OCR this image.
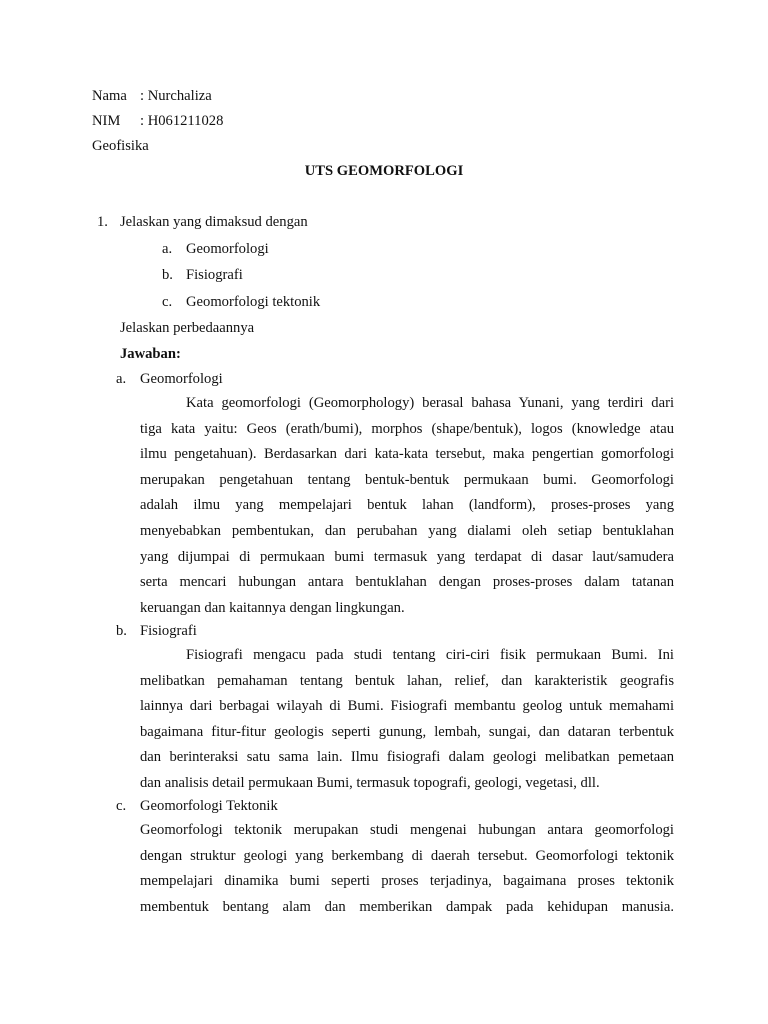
Nama : Nurchaliza
NIM : H061211028
Geofisika
UTS GEOMORFOLOGI
1. Jelaskan yang dimaksud dengan
a. Geomorfologi
b. Fisiografi
c. Geomorfologi tektonik
Jelaskan perbedaannya
Jawaban:
a. Geomorfologi
Kata geomorfologi (Geomorphology) berasal bahasa Yunani, yang terdiri dari
tiga kata yaitu: Geos (erath/bumi), morphos (shape/bentuk), logos (knowledge atau
ilmu pengetahuan). Berdasarkan dari kata-kata tersebut, maka pengertian gomorfologi
merupakan pengetahuan tentang bentuk-bentuk permukaan bumi. Geomorfologi
adalah ilmu yang mempelajari bentuk lahan (landform), proses-proses yang
menyebabkan pembentukan, dan perubahan yang dialami oleh setiap bentuklahan
yang dijumpai di permukaan bumi termasuk yang terdapat di dasar laut/samudera
serta mencari hubungan antara bentuklahan dengan proses-proses dalam tatanan
keruangan dan kaitannya dengan lingkungan.
b. Fisiografi
Fisiografi mengacu pada studi tentang ciri-ciri fisik permukaan Bumi. Ini
melibatkan pemahaman tentang bentuk lahan, relief, dan karakteristik geografis
lainnya dari berbagai wilayah di Bumi. Fisiografi membantu geolog untuk memahami
bagaimana fitur-fitur geologis seperti gunung, lembah, sungai, dan dataran terbentuk
dan berinteraksi satu sama lain. Ilmu fisiografi dalam geologi melibatkan pemetaan
dan analisis detail permukaan Bumi, termasuk topografi, geologi, vegetasi, dll.
c. Geomorfologi Tektonik
Geomorfologi tektonik merupakan studi mengenai hubungan antara geomorfologi
dengan struktur geologi yang berkembang di daerah tersebut. Geomorfologi tektonik
mempelajari dinamika bumi seperti proses terjadinya, bagaimana proses tektonik
membentuk bentang alam dan memberikan dampak pada kehidupan manusia.
